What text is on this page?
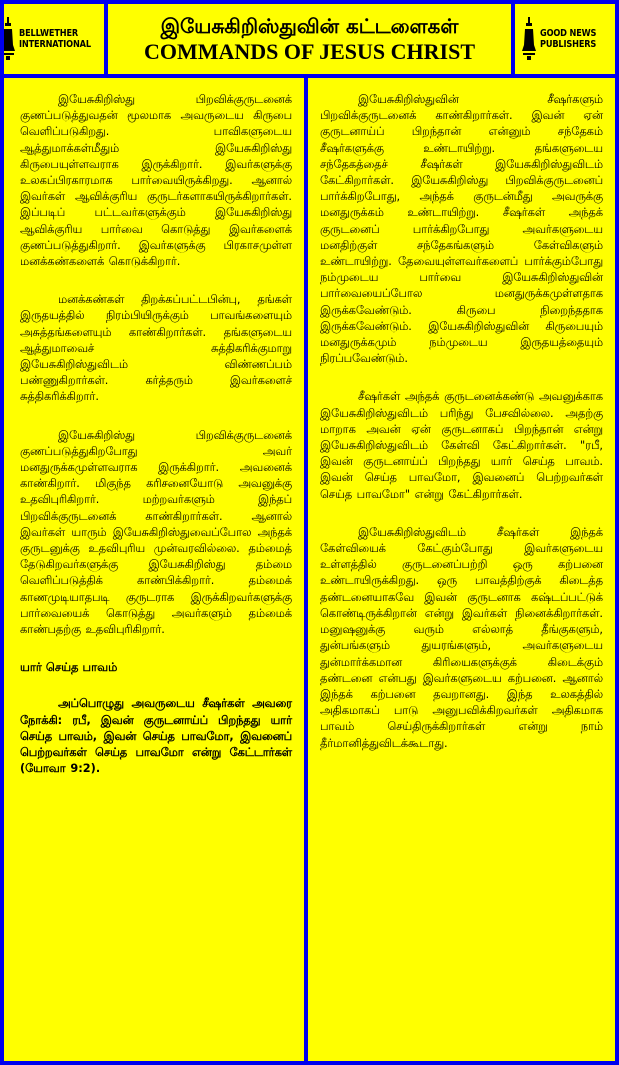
BELLWETHER
INTERNATIONAL
இயேசுகிறிஸ்துவின் கட்டளைகள்
COMMANDS OF JESUS CHRIST
GOOD NEWS
PUBLISHERS

இயேசுகிறிஸ்து பிறவிக்குருடனைக் குணப்படுத்துவதன் மூலமாக அவருடைய கிருபை வெளிப்படுகிறது. பாவிகளுடைய ஆத்துமாக்கள்மீதும் இயேசுகிறிஸ்து கிருபையுள்ளவராக இருக்கிறார். இவர்களுக்கு உலகப்பிரகாரமாக பார்வையிருக்கிறது. ஆனால் இவர்கள் ஆவிக்குரிய குருடர்களாகயிருக்கிறார்கள். இப்படிப் பட்டவர்களுக்கும் இயேசுகிறிஸ்து ஆவிக்குரிய பார்வை கொடுத்து இவர்களைக் குணப்படுத்துகிறார். இவர்களுக்கு பிரகாசமுள்ள மனக்கண்களைக் கொடுக்கிறார்.

மனக்கண்கள் திறக்கப்பட்டபின்பு, தங்கள் இருதயத்தில் நிரம்பியிருக்கும் பாவங்களையும் அசுத்தங்களையும் காண்கிறார்கள். தங்களுடைய ஆத்துமாவைச் சுத்திகரிக்குமாறு இயேசுகிறிஸ்துவிடம் விண்ணப்பம் பண்ணுகிறார்கள். கர்த்தரும் இவர்களைச் சுத்திகரிக்கிறார்.

இயேசுகிறிஸ்து பிறவிக்குருடனைக் குணப்படுத்துகிறபோது அவர் மனதுருக்கமுள்ளவராக இருக்கிறார். அவனைக் காண்கிறார். மிகுந்த கரிசனையோடு அவனுக்கு உதவிபுரிகிறார். மற்றவர்களும் இந்தப் பிறவிக்குருடனைக் காண்கிறார்கள். ஆனால் இவர்கள் யாரும் இயேசுகிறிஸ்துவைப்போல அந்தக் குருடனுக்கு உதவிபுரிய முன்வரவில்லை. தம்மைத் தேடுகிறவர்களுக்கு இயேசுகிறிஸ்து தம்மை வெளிப்படுத்திக் காண்பிக்கிறார். தம்மைக் காணமுடியாதபடி குருடராக இருக்கிறவர்களுக்கு பார்வையைக் கொடுத்து அவர்களும் தம்மைக் காண்பதற்கு உதவிபுரிகிறார்.

யார் செய்த பாவம்

அப்பொழுது அவருடைய சீஷர்கள் அவரை நோக்கி: ரபீ, இவன் குருடனாய்ப் பிறந்தது யார் செய்த பாவம், இவன் செய்த பாவமோ, இவனைப் பெற்றவர்கள் செய்த பாவமோ என்று கேட்டார்கள் (யோவா 9:2).

இயேசுகிறிஸ்துவின் சீஷர்களும் பிறவிக்குருடனைக் காண்கிறார்கள். இவன் ஏன் குருடனாய்ப் பிறந்தான் என்னும் சந்தேகம் சீஷர்களுக்கு உண்டாயிற்று. தங்களுடைய சந்தேகத்தைச் சீஷர்கள் இயேசுகிறிஸ்துவிடம் கேட்கிறார்கள். இயேசுகிறிஸ்து பிறவிக்குருடனைப் பார்க்கிறபோது, அந்தக் குருடன்மீது அவருக்கு மனதுருக்கம் உண்டாயிற்று. சீஷர்கள் அந்தக் குருடனைப் பார்க்கிறபோது அவர்களுடைய மனதிற்குள் சந்தேகங்களும் கேள்விகளும் உண்டாயிற்று. தேவையுள்ளவர்களைப் பார்க்கும்போது நம்முடைய பார்வை இயேசுகிறிஸ்துவின் பார்வையைப்போல மனதுருக்கமுள்ளதாக இருக்கவேண்டும். கிருபை நிறைந்ததாக இருக்கவேண்டும். இயேசுகிறிஸ்துவின் கிருபையும் மனதுருக்கமும் நம்முடைய இருதயத்தையும் நிரப்பவேண்டும்.

சீஷர்கள் அந்தக் குருடனைக்கண்டு அவனுக்காக இயேசுகிறிஸ்துவிடம் பரிந்து பேசவில்லை. அதற்கு மாறாக அவன் ஏன் குருடனாகப் பிறந்தான் என்று இயேசுகிறிஸ்துவிடம் கேள்வி கேட்கிறார்கள். "ரபீ, இவன் குருடனாய்ப் பிறந்தது யார் செய்த பாவம். இவன் செய்த பாவமோ, இவனைப் பெற்றவர்கள் செய்த பாவமோ" என்று கேட்கிறார்கள்.

இயேசுகிறிஸ்துவிடம் சீஷர்கள் இந்தக் கேள்வியைக் கேட்கும்போது இவர்களுடைய உள்ளத்தில் குருடனைப்பற்றி ஒரு கற்பனை உண்டாயிருக்கிறது. ஒரு பாவத்திற்குக் கிடைத்த தண்டனையாகவே இவன் குருடனாக கஷ்டப்பட்டுக் கொண்டிருக்கிறான் என்று இவர்கள் நினைக்கிறார்கள். மனுஷனுக்கு வரும் எல்லாத் தீங்குகளும், துன்பங்களும் துயரங்களும், அவர்களுடைய துன்மார்க்கமான கிரியைகளுக்குக் கிடைக்கும் தண்டனை என்பது இவர்களுடைய கற்பனை. ஆனால் இந்தக் கற்பனை தவறானது. இந்த உலகத்தில் அதிகமாகப் பாடு அனுபவிக்கிறவர்கள் அதிகமாக பாவம் செய்திருக்கிறார்கள் என்று நாம் தீர்மானித்துவிடக்கூடாது.
